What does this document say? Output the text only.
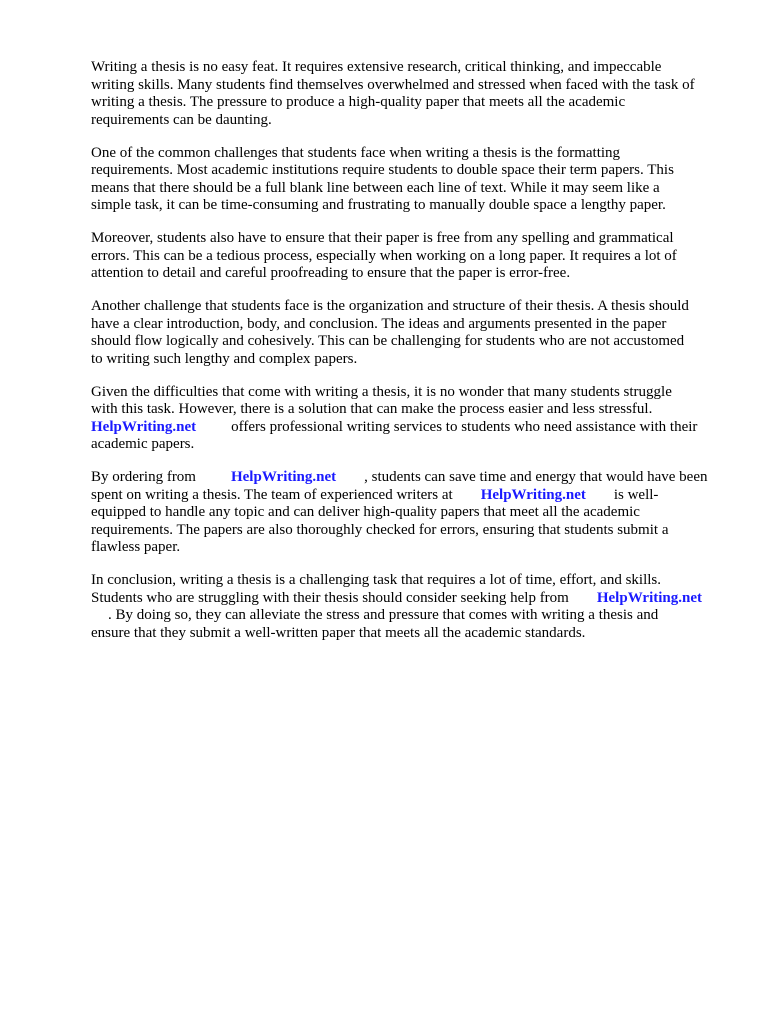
Writing a thesis is no easy feat. It requires extensive research, critical thinking, and impeccable
writing skills. Many students find themselves overwhelmed and stressed when faced with the task of
writing a thesis. The pressure to produce a high-quality paper that meets all the academic
requirements can be daunting.

One of the common challenges that students face when writing a thesis is the formatting
requirements. Most academic institutions require students to double space their term papers. This
means that there should be a full blank line between each line of text. While it may seem like a
simple task, it can be time-consuming and frustrating to manually double space a lengthy paper.

Moreover, students also have to ensure that their paper is free from any spelling and grammatical
errors. This can be a tedious process, especially when working on a long paper. It requires a lot of
attention to detail and careful proofreading to ensure that the paper is error-free.

Another challenge that students face is the organization and structure of their thesis. A thesis should
have a clear introduction, body, and conclusion. The ideas and arguments presented in the paper
should flow logically and cohesively. This can be challenging for students who are not accustomed
to writing such lengthy and complex papers.

Given the difficulties that come with writing a thesis, it is no wonder that many students struggle
with this task. However, there is a solution that can make the process easier and less stressful.
HelpWriting.net offers professional writing services to students who need assistance with their
academic papers.

By ordering from HelpWriting.net , students can save time and energy that would have been
spent on writing a thesis. The team of experienced writers at HelpWriting.net is well-
equipped to handle any topic and can deliver high-quality papers that meet all the academic
requirements. The papers are also thoroughly checked for errors, ensuring that students submit a
flawless paper.

In conclusion, writing a thesis is a challenging task that requires a lot of time, effort, and skills.
Students who are struggling with their thesis should consider seeking help from HelpWriting.net
. By doing so, they can alleviate the stress and pressure that comes with writing a thesis and
ensure that they submit a well-written paper that meets all the academic standards.
